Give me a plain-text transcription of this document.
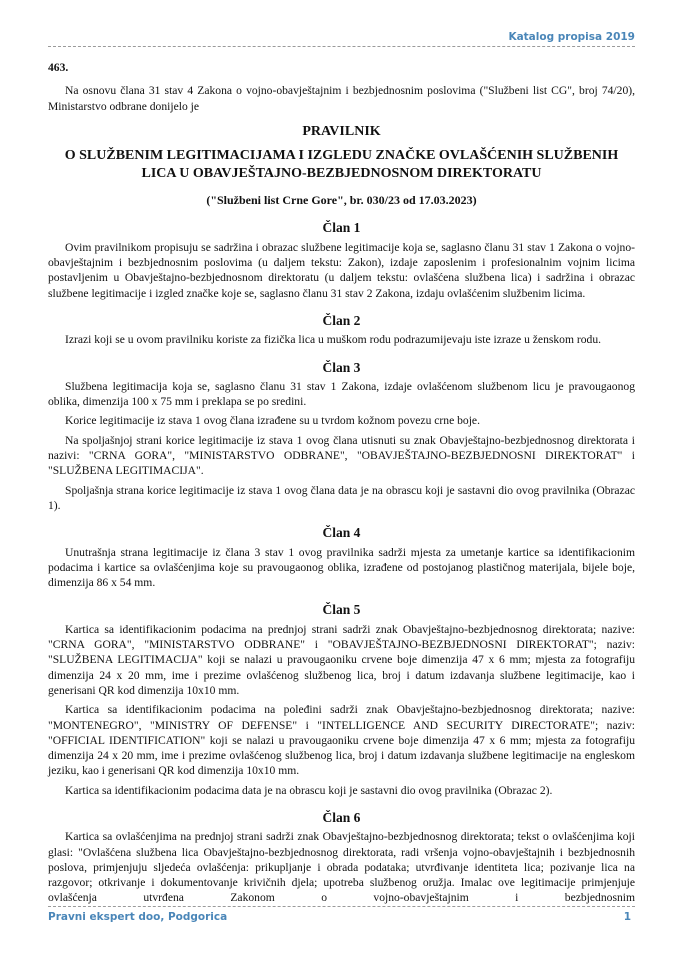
Katalog propisa 2019
463.

Na osnovu člana 31 stav 4 Zakona o vojno-obavještajnim i bezbjednosnim poslovima ("Službeni list CG", broj 74/20), Ministarstvo odbrane donijelo je

PRAVILNIK
O SLUŽBENIM LEGITIMACIJAMA I IZGLEDU ZNAČKE OVLAŠĆENIH SLUŽBENIH LICA U OBAVJEŠTAJNO-BEZBJEDNOSNOM DIREKTORATU
("Službeni list Crne Gore", br. 030/23 od 17.03.2023)
Član 1

Ovim pravilnikom propisuju se sadržina i obrazac službene legitimacije koja se, saglasno članu 31 stav 1 Zakona o vojno-obavještajnim i bezbjednosnim poslovima (u daljem tekstu: Zakon), izdaje zaposlenim i profesionalnim vojnim licima postavljenim u Obavještajno-bezbjednosnom direktoratu (u daljem tekstu: ovlašćena službena lica) i sadržina i obrazac službene legitimacije i izgled značke koje se, saglasno članu 31 stav 2 Zakona, izdaju ovlašćenim službenim licima.

Član 2

Izrazi koji se u ovom pravilniku koriste za fizička lica u muškom rodu podrazumijevaju iste izraze u ženskom rodu.

Član 3

Službena legitimacija koja se, saglasno članu 31 stav 1 Zakona, izdaje ovlašćenom službenom licu je pravougaonog oblika, dimenzija 100 x 75 mm i preklapa se po sredini.

Korice legitimacije iz stava 1 ovog člana izrađene su u tvrdom kožnom povezu crne boje.

Na spoljašnjoj strani korice legitimacije iz stava 1 ovog člana utisnuti su znak Obavještajno-bezbjednosnog direktorata i nazivi: "CRNA GORA", "MINISTARSTVO ODBRANE", "OBAVJEŠTAJNO-BEZBJEDNOSNI DIREKTORAT" i "SLUŽBENA LEGITIMACIJA".

Spoljašnja strana korice legitimacije iz stava 1 ovog člana data je na obrascu koji je sastavni dio ovog pravilnika (Obrazac 1).

Član 4

Unutrašnja strana legitimacije iz člana 3 stav 1 ovog pravilnika sadrži mjesta za umetanje kartice sa identifikacionim podacima i kartice sa ovlašćenjima koje su pravougaonog oblika, izrađene od postojanog plastičnog materijala, bijele boje, dimenzija 86 x 54 mm.

Član 5

Kartica sa identifikacionim podacima na prednjoj strani sadrži znak Obavještajno-bezbjednosnog direktorata; nazive: "CRNA GORA", "MINISTARSTVO ODBRANE" i "OBAVJEŠTAJNO-BEZBJEDNOSNI DIREKTORAT"; naziv: "SLUŽBENA LEGITIMACIJA" koji se nalazi u pravougaoniku crvene boje dimenzija 47 x 6 mm; mjesta za fotografiju dimenzija 24 x 20 mm, ime i prezime ovlašćenog službenog lica, broj i datum izdavanja službene legitimacije, kao i generisani QR kod dimenzija 10x10 mm.

Kartica sa identifikacionim podacima na poleđini sadrži znak Obavještajno-bezbjednosnog direktorata; nazive: "MONTENEGRO", "MINISTRY OF DEFENSE" i "INTELLIGENCE AND SECURITY DIRECTORATE"; naziv: "OFFICIAL IDENTIFICATION" koji se nalazi u pravougaoniku crvene boje dimenzija 47 x 6 mm; mjesta za fotografiju dimenzija 24 x 20 mm, ime i prezime ovlašćenog službenog lica, broj i datum izdavanja službene legitimacije na engleskom jeziku, kao i generisani QR kod dimenzija 10x10 mm.

Kartica sa identifikacionim podacima data je na obrascu koji je sastavni dio ovog pravilnika (Obrazac 2).

Član 6

Kartica sa ovlašćenjima na prednjoj strani sadrži znak Obavještajno-bezbjednosnog direktorata; tekst o ovlašćenjima koji glasi: "Ovlašćena službena lica Obavještajno-bezbjednosnog direktorata, radi vršenja vojno-obavještajnih i bezbjednosnih poslova, primjenjuju sljedeća ovlašćenja: prikupljanje i obrada podataka; utvrđivanje identiteta lica; pozivanje lica na razgovor; otkrivanje i dokumentovanje krivičnih djela; upotreba službenog oružja. Imalac ove legitimacije primjenjuje ovlašćenja utvrđena Zakonom o vojno-obavještajnim i bezbjednosnim

Pravni ekspert doo, Podgorica	1
